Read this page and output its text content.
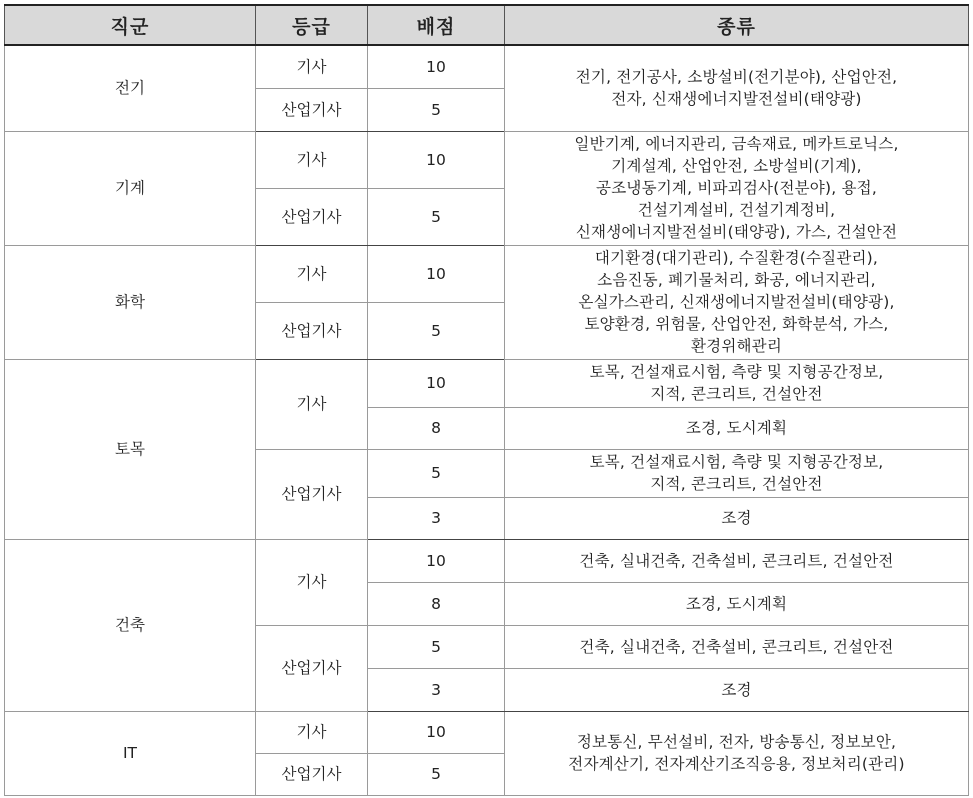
직군	등급	배점	종류
전기	기사	10	전기, 전기공사, 소방설비(전기분야), 산업안전,
전자, 신재생에너지발전설비(태양광)
	산업기사	5	
기계	기사	10	일반기계, 에너지관리, 금속재료, 메카트로닉스,
기계설계, 산업안전, 소방설비(기계),
공조냉동기계, 비파괴검사(전분야), 용접,
건설기계설비, 건설기계정비,
신재생에너지발전설비(태양광), 가스, 건설안전
	산업기사	5	
화학	기사	10	대기환경(대기관리), 수질환경(수질관리),
소음진동, 폐기물처리, 화공, 에너지관리,
온실가스관리, 신재생에너지발전설비(태양광),
토양환경, 위험물, 산업안전, 화학분석, 가스,
환경위해관리
	산업기사	5	
토목	기사	10	토목, 건설재료시험, 측량 및 지형공간정보,
지적, 콘크리트, 건설안전
		8	조경, 도시계획
	산업기사	5	토목, 건설재료시험, 측량 및 지형공간정보,
지적, 콘크리트, 건설안전
		3	조경
건축	기사	10	건축, 실내건축, 건축설비, 콘크리트, 건설안전
		8	조경, 도시계획
	산업기사	5	건축, 실내건축, 건축설비, 콘크리트, 건설안전
		3	조경
IT	기사	10	정보통신, 무선설비, 전자, 방송통신, 정보보안,
전자계산기, 전자계산기조직응용, 정보처리(관리)
	산업기사	5	
